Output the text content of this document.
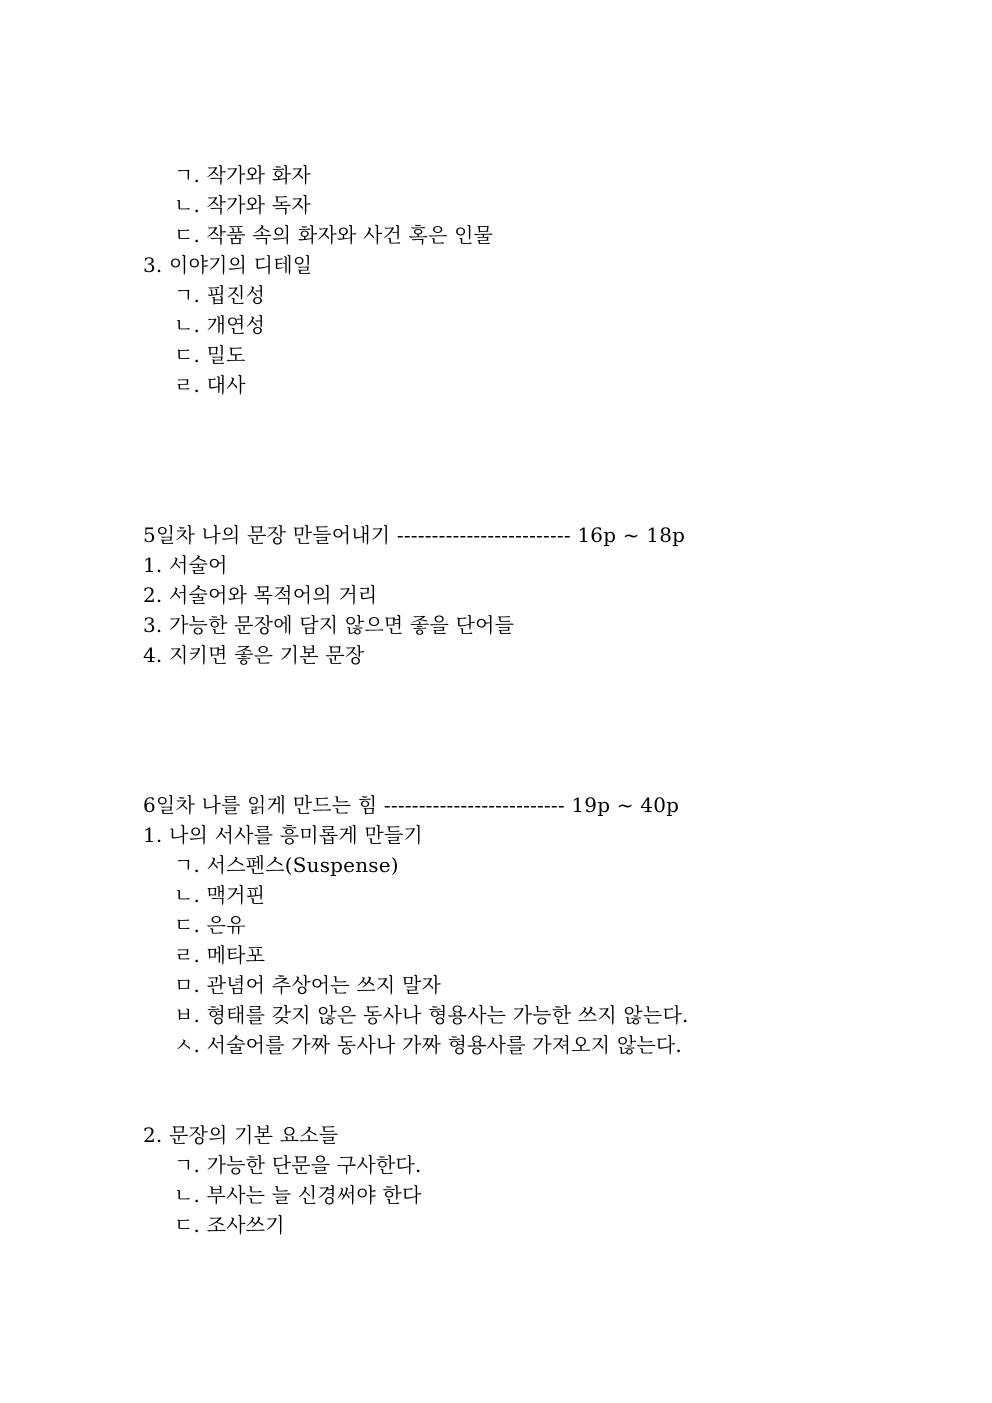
ㄱ. 작가와 화자
ㄴ. 작가와 독자
ㄷ. 작품 속의 화자와 사건 혹은 인물
3. 이야기의 디테일
ㄱ. 핍진성
ㄴ. 개연성
ㄷ. 밀도
ㄹ. 대사
5일차 나의 문장 만들어내기 ------------------------- 16p ~ 18p
1. 서술어
2. 서술어와 목적어의 거리
3. 가능한 문장에 담지 않으면 좋을 단어들
4. 지키면 좋은 기본 문장
6일차 나를 읽게 만드는 힘 -------------------------- 19p ~ 40p
1. 나의 서사를 흥미롭게 만들기
ㄱ. 서스펜스(Suspense)
ㄴ. 맥거핀
ㄷ. 은유
ㄹ. 메타포
ㅁ. 관념어 추상어는 쓰지 말자
ㅂ. 형태를 갖지 않은 동사나 형용사는 가능한 쓰지 않는다.
ㅅ. 서술어를 가짜 동사나 가짜 형용사를 가져오지 않는다.
2. 문장의 기본 요소들
ㄱ. 가능한 단문을 구사한다.
ㄴ. 부사는 늘 신경써야 한다
ㄷ. 조사쓰기
